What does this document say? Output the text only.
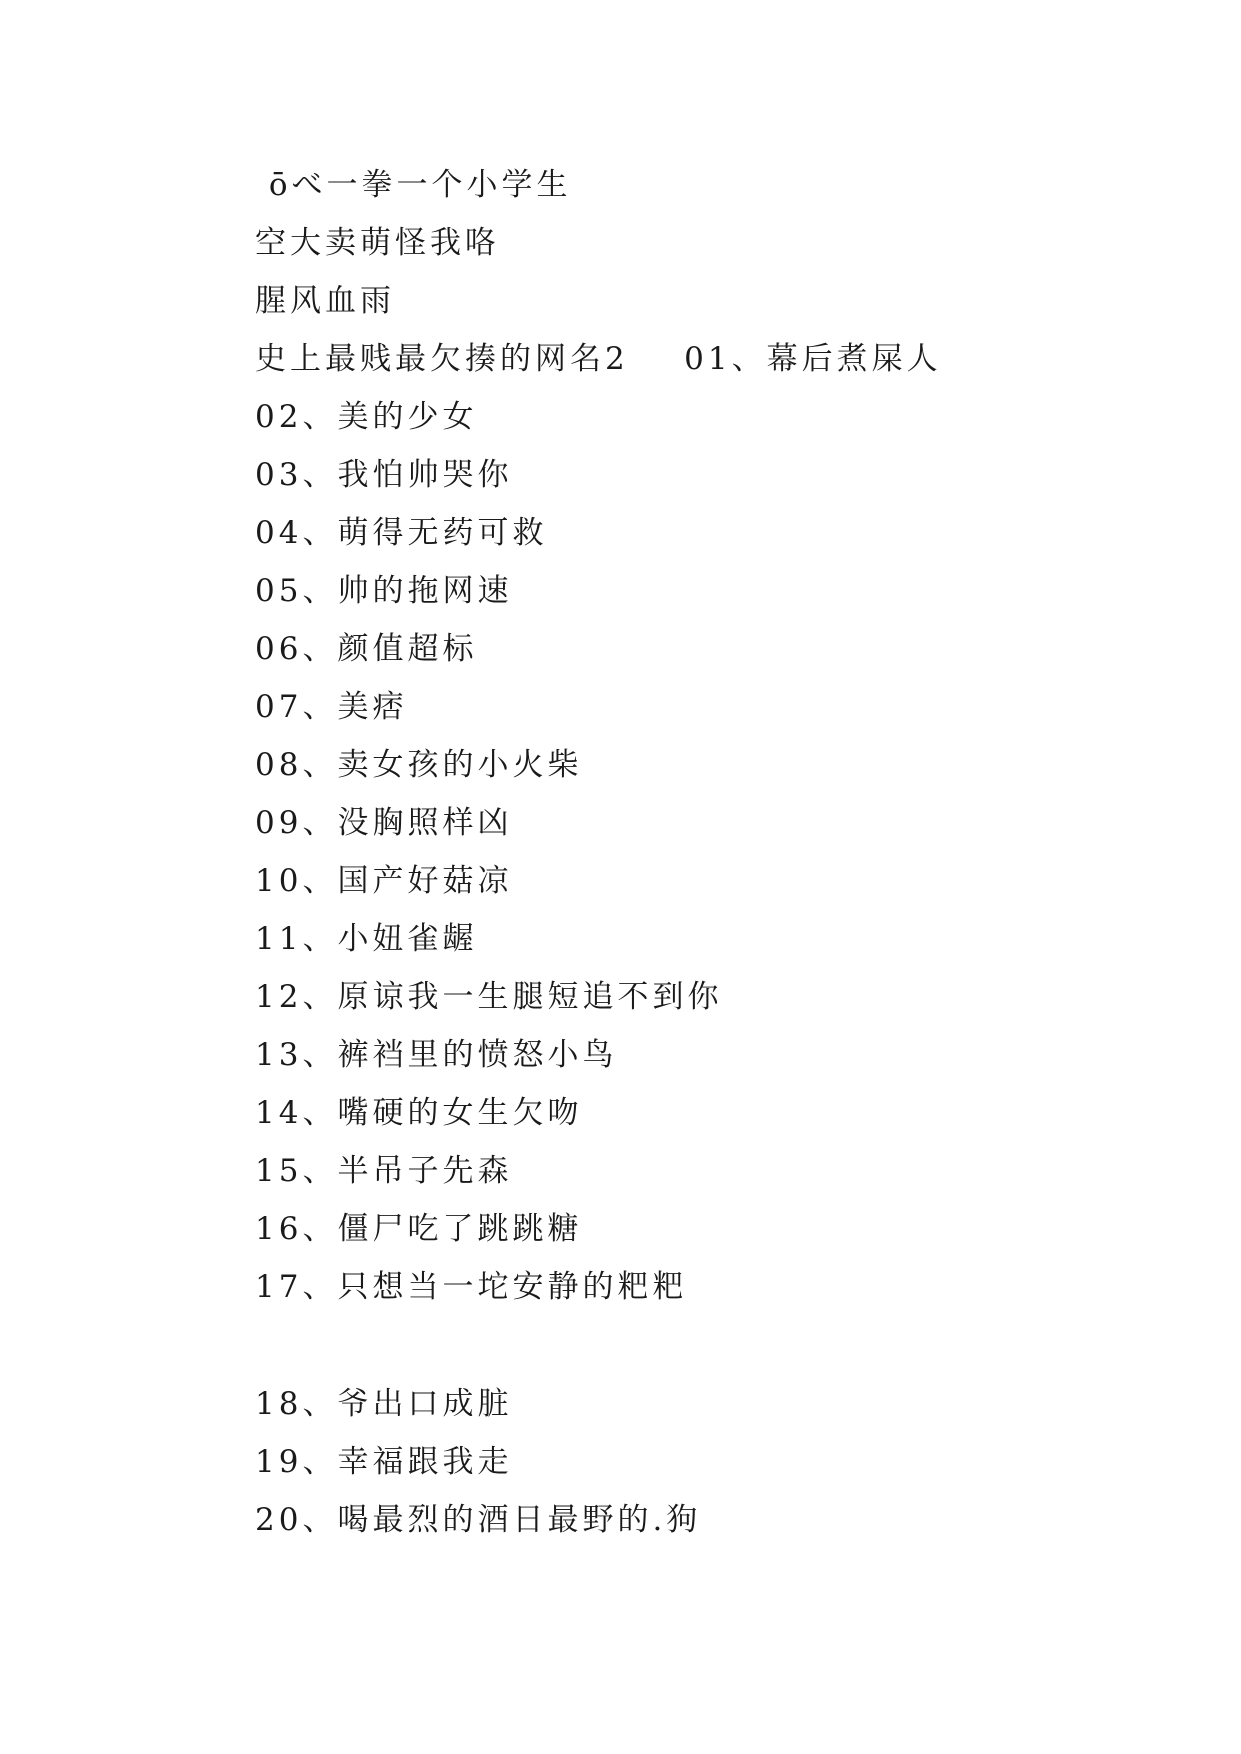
ōべ一拳一个小学生
空大卖萌怪我咯
腥风血雨
史上最贱最欠揍的网名2    01、幕后煮屎人
02、美的少女
03、我怕帅哭你
04、萌得无药可救
05、帅的拖网速
06、颜值超标
07、美痞
08、卖女孩的小火柴
09、没胸照样凶
10、国产好菇凉
11、小妞雀龌
12、原谅我一生腿短追不到你
13、裤裆里的愤怒小鸟
14、嘴硬的女生欠吻
15、半吊子先森
16、僵尸吃了跳跳糖
17、只想当一坨安静的粑粑
18、爷出口成脏
19、幸福跟我走
20、喝最烈的酒日最野的.狗
